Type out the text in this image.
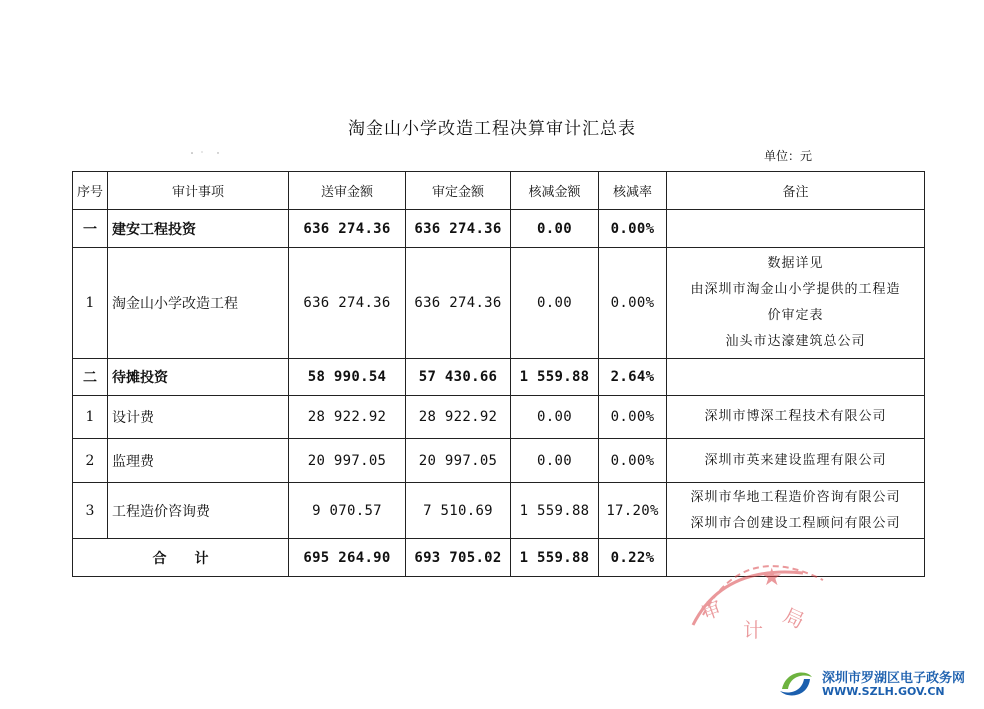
淘金山小学改造工程决算审计汇总表
单位：元
序号	审计事项	送审金额	审定金额	核减金额	核减率	备注
一	建安工程投资	636 274.36	636 274.36	0.00	0.00%	
1	淘金山小学改造工程	636 274.36	636 274.36	0.00	0.00%	数据详见
由深圳市淘金山小学提供的工程造
价审定表
汕头市达濠建筑总公司

二	待摊投资	58 990.54	57 430.66	1 559.88	2.64%	
1	设计费	28 922.92	28 922.92	0.00	0.00%	深圳市博深工程技术有限公司

2	监理费	20 997.05	20 997.05	0.00	0.00%	深圳市英来建设监理有限公司

3	工程造价咨询费	9 070.57	7 510.69	1 559.88	17.20%	深圳市华地工程造价咨询有限公司
深圳市合创建设工程顾问有限公司

合　　计		695 264.90	693 705.02	1 559.88	0.22%	
★
审
计 局
深圳市罗湖区电子政务网
WWW.SZLH.GOV.CN
